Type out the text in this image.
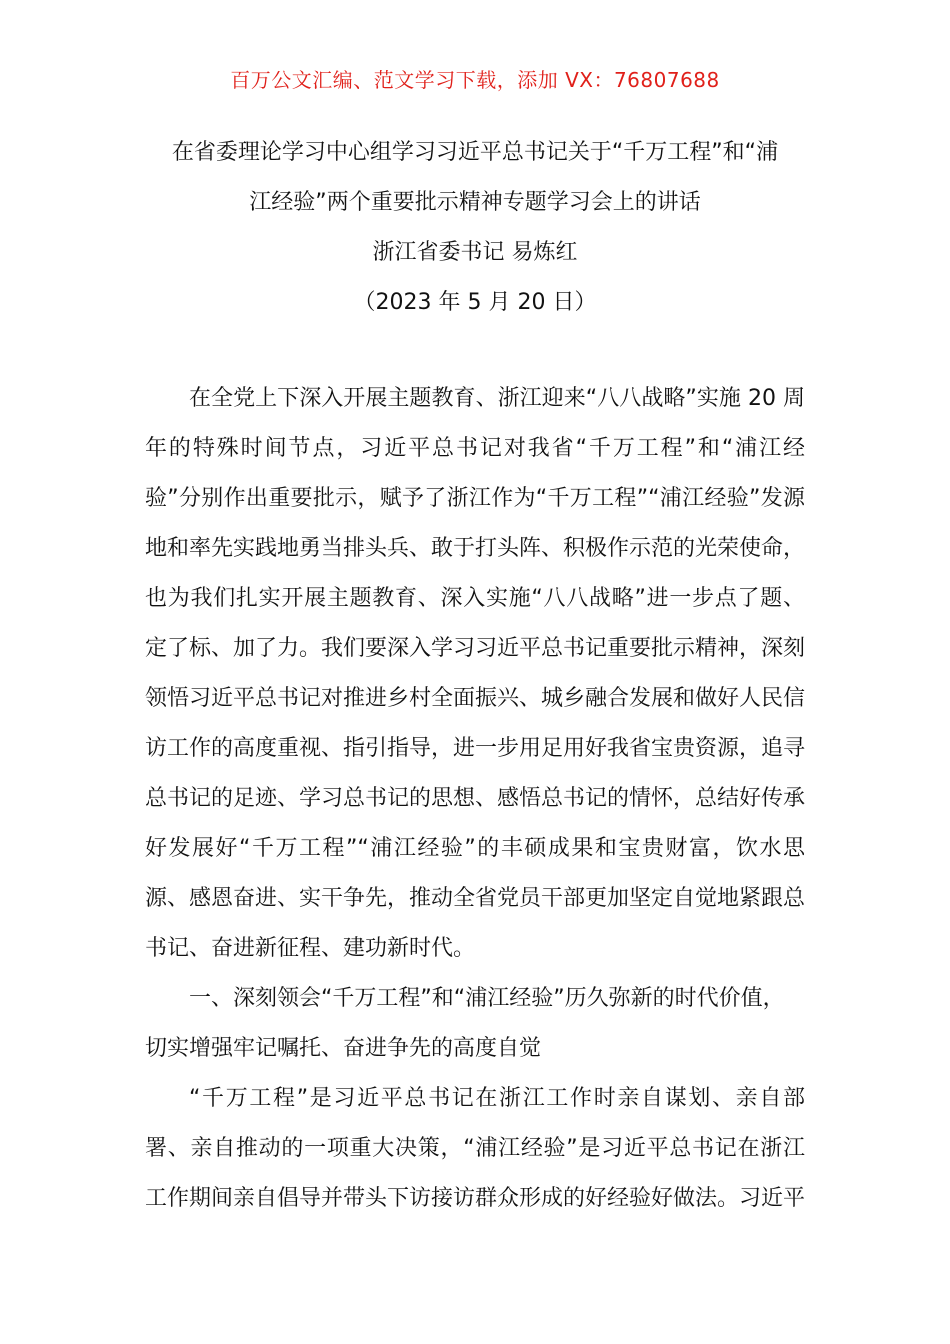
百万公文汇编、范文学习下载，添加 VX：76807688
在省委理论学习中心组学习习近平总书记关于“千万工程”和“浦
江经验”两个重要批示精神专题学习会上的讲话
浙江省委书记 易炼红
（2023 年 5 月 20 日）

在全党上下深入开展主题教育、浙江迎来“八八战略”实施 20 周年的特殊时间节点，习近平总书记对我省“千万工程”和“浦江经验”分别作出重要批示，赋予了浙江作为“千万工程”“浦江经验”发源地和率先实践地勇当排头兵、敢于打头阵、积极作示范的光荣使命，也为我们扎实开展主题教育、深入实施“八八战略”进一步点了题、定了标、加了力。我们要深入学习习近平总书记重要批示精神，深刻领悟习近平总书记对推进乡村全面振兴、城乡融合发展和做好人民信访工作的高度重视、指引指导，进一步用足用好我省宝贵资源，追寻总书记的足迹、学习总书记的思想、感悟总书记的情怀，总结好传承好发展好“千万工程”“浦江经验”的丰硕成果和宝贵财富，饮水思源、感恩奋进、实干争先，推动全省党员干部更加坚定自觉地紧跟总书记、奋进新征程、建功新时代。

一、深刻领会“千万工程”和“浦江经验”历久弥新的时代价值，切实增强牢记嘱托、奋进争先的高度自觉

“千万工程”是习近平总书记在浙江工作时亲自谋划、亲自部署、亲自推动的一项重大决策，“浦江经验”是习近平总书记在浙江工作期间亲自倡导并带头下访接访群众形成的好经验好做法。习近平
